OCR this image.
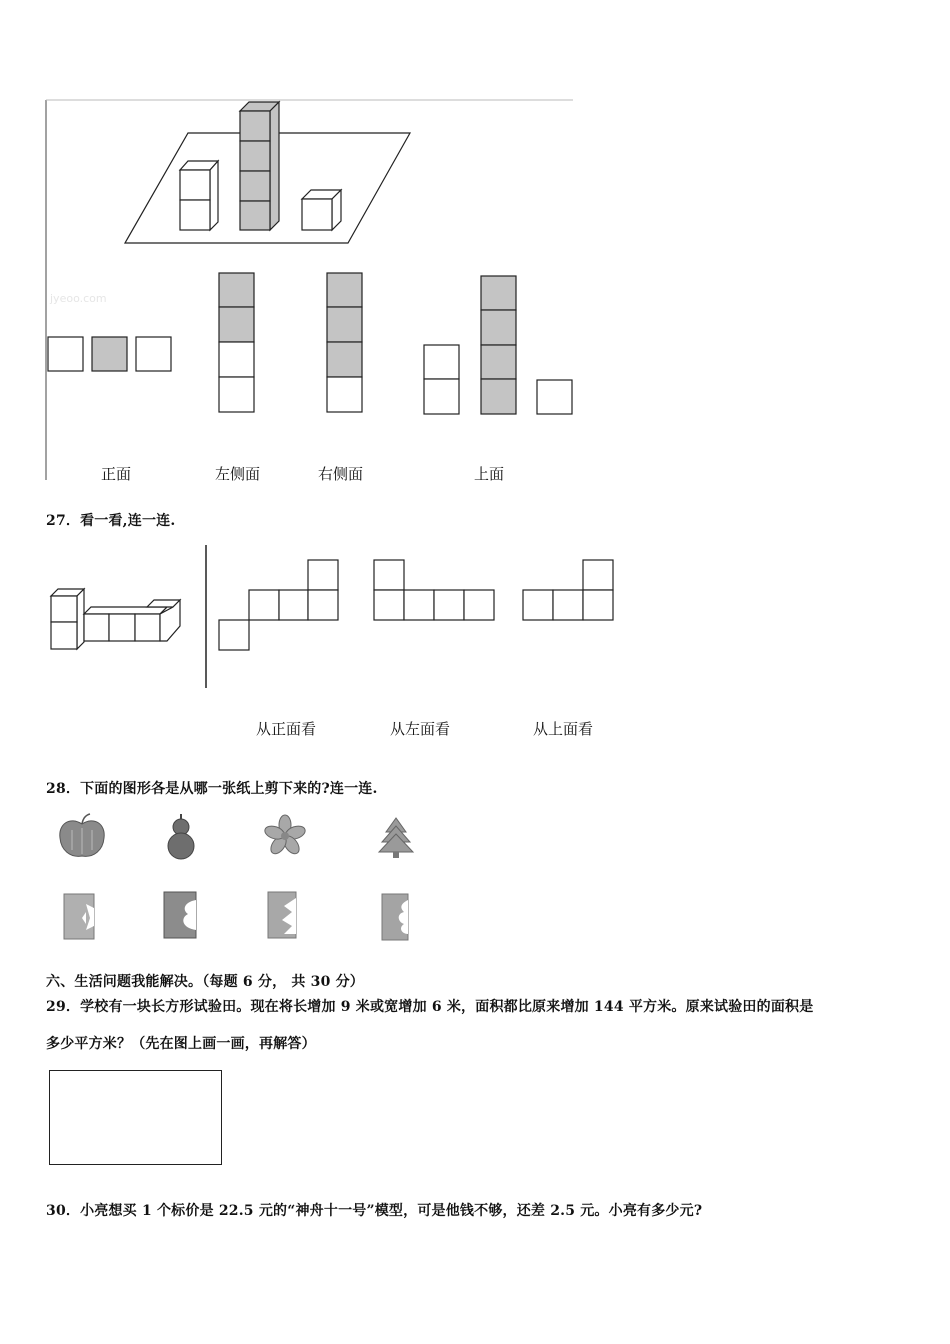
jyeoo.com
正面	左侧面	右侧面	上面
27．看一看,连一连.
从正面看	从左面看	从上面看
28．下面的图形各是从哪一张纸上剪下来的?连一连.
六、生活问题我能解决。（每题 6 分， 共 30 分）
29．学校有一块长方形试验田。现在将长增加 9 米或宽增加 6 米，面积都比原来增加 144 平方米。原来试验田的面积是
多少平方米？（先在图上画一画，再解答）
30．小亮想买 1 个标价是 22.5 元的“神舟十一号”模型，可是他钱不够，还差 2.5 元。小亮有多少元?
